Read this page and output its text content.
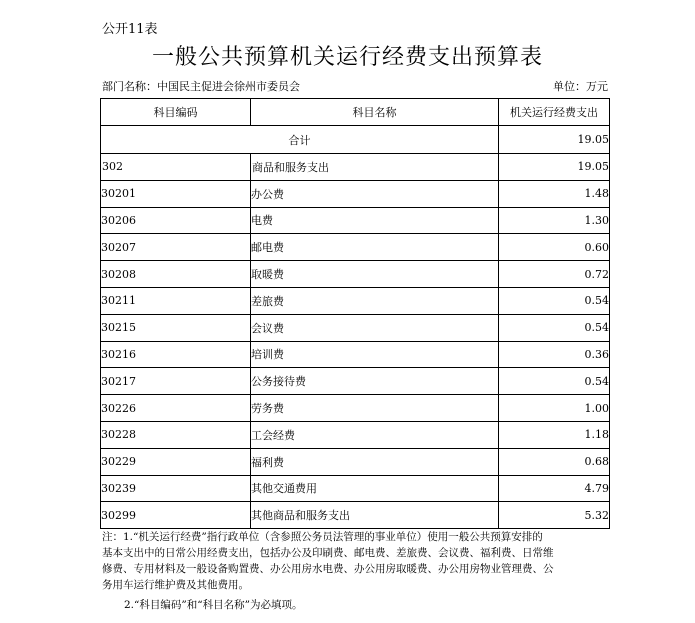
公开11表
一般公共预算机关运行经费支出预算表
部门名称：中国民主促进会徐州市委员会	单位：万元
科目编码	科目名称	机关运行经费支出
合计		19.05
302	商品和服务支出	19.05
30201	办公费	1.48
30206	电费	1.30
30207	邮电费	0.60
30208	取暖费	0.72
30211	差旅费	0.54
30215	会议费	0.54
30216	培训费	0.36
30217	公务接待费	0.54
30226	劳务费	1.00
30228	工会经费	1.18
30229	福利费	0.68
30239	其他交通费用	4.79
30299	其他商品和服务支出	5.32
注：1.“机关运行经费”指行政单位（含参照公务员法管理的事业单位）使用一般公共预算安排的
基本支出中的日常公用经费支出，包括办公及印刷费、邮电费、差旅费、会议费、福利费、日常维
修费、专用材料及一般设备购置费、办公用房水电费、办公用房取暖费、办公用房物业管理费、公
务用车运行维护费及其他费用。
2.“科目编码”和“科目名称”为必填项。
